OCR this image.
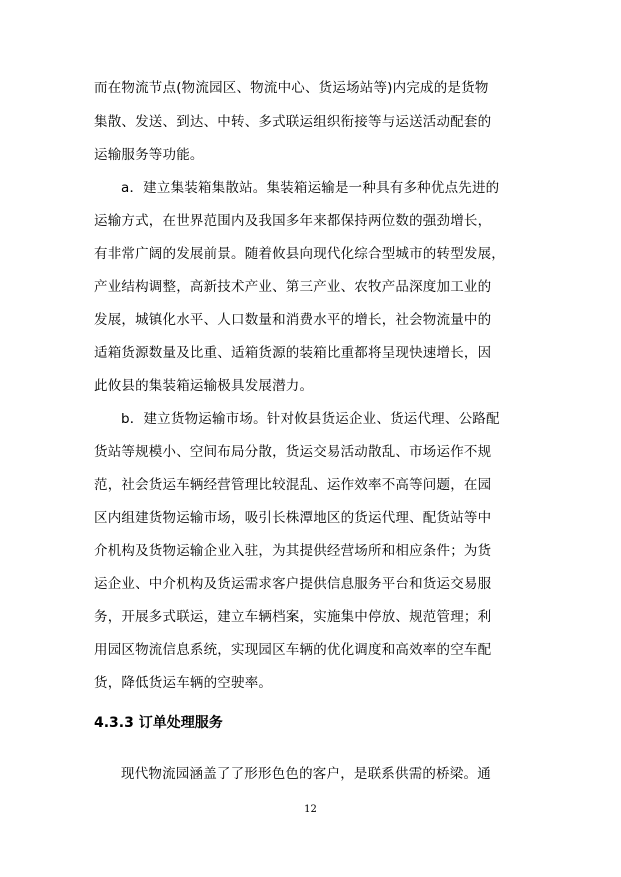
而在物流节点(物流园区、物流中心、货运场站等)内完成的是货物
集散、发送、到达、中转、多式联运组织衔接等与运送活动配套的
运输服务等功能。
a．建立集装箱集散站。集装箱运输是一种具有多种优点先进的
运输方式，在世界范围内及我国多年来都保持两位数的强劲增长，
有非常广阔的发展前景。随着攸县向现代化综合型城市的转型发展，
产业结构调整，高新技术产业、第三产业、农牧产品深度加工业的
发展，城镇化水平、人口数量和消费水平的增长，社会物流量中的
适箱货源数量及比重、适箱货源的装箱比重都将呈现快速增长，因
此攸县的集装箱运输极具发展潜力。
b．建立货物运输市场。针对攸县货运企业、货运代理、公路配
货站等规模小、空间布局分散，货运交易活动散乱、市场运作不规
范，社会货运车辆经营管理比较混乱、运作效率不高等问题，在园
区内组建货物运输市场，吸引长株潭地区的货运代理、配货站等中
介机构及货物运输企业入驻，为其提供经营场所和相应条件；为货
运企业、中介机构及货运需求客户提供信息服务平台和货运交易服
务，开展多式联运，建立车辆档案，实施集中停放、规范管理；利
用园区物流信息系统，实现园区车辆的优化调度和高效率的空车配
货，降低货运车辆的空驶率。
4.3.3 订单处理服务
现代物流园涵盖了了形形色色的客户，是联系供需的桥梁。通
12
